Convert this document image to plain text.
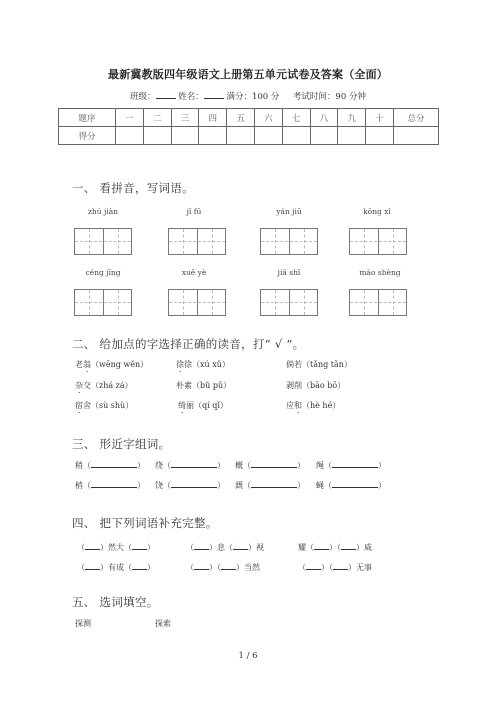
最新冀教版四年级语文上册第五单元试卷及答案（全面）
班级：	姓名：	满分：100 分 考试时间：90 分钟
题序	一	二	三	四	五	六	七	八	九	十	总分
得分											
一、 看拼音，写词语。
zhú jiàn	jī fū	yán jiū	kōng xì
céng jīng	xuě yè	jiā shǐ	mào shèng
二、 给加点的字选择正确的读音，打“ √ ”。
老翁（wēng wěn）	徐徐（xú xǔ）	倘若（tǎng tǎn）
杂交（zhá zá）	朴素（bǔ pǔ）	剥削（bāo bō）
宿舍（sù shù）	绮丽（qí qǐ）	应和（hè hé）
三、 形近字组词。
稍（	） 绕（	） 概（	） 绳（	）
梢（	） 饶（	） 溉（	） 蝇（	）
四、 把下列词语补充完整。
（ ）然大（ ）	（ ）息（ ）视	耀（ ）（ ）威
（ ）有成（ ）	（ ）（ ）当然	（ ）（ ）无事
五、 选词填空。
探测	探索
1 / 6
